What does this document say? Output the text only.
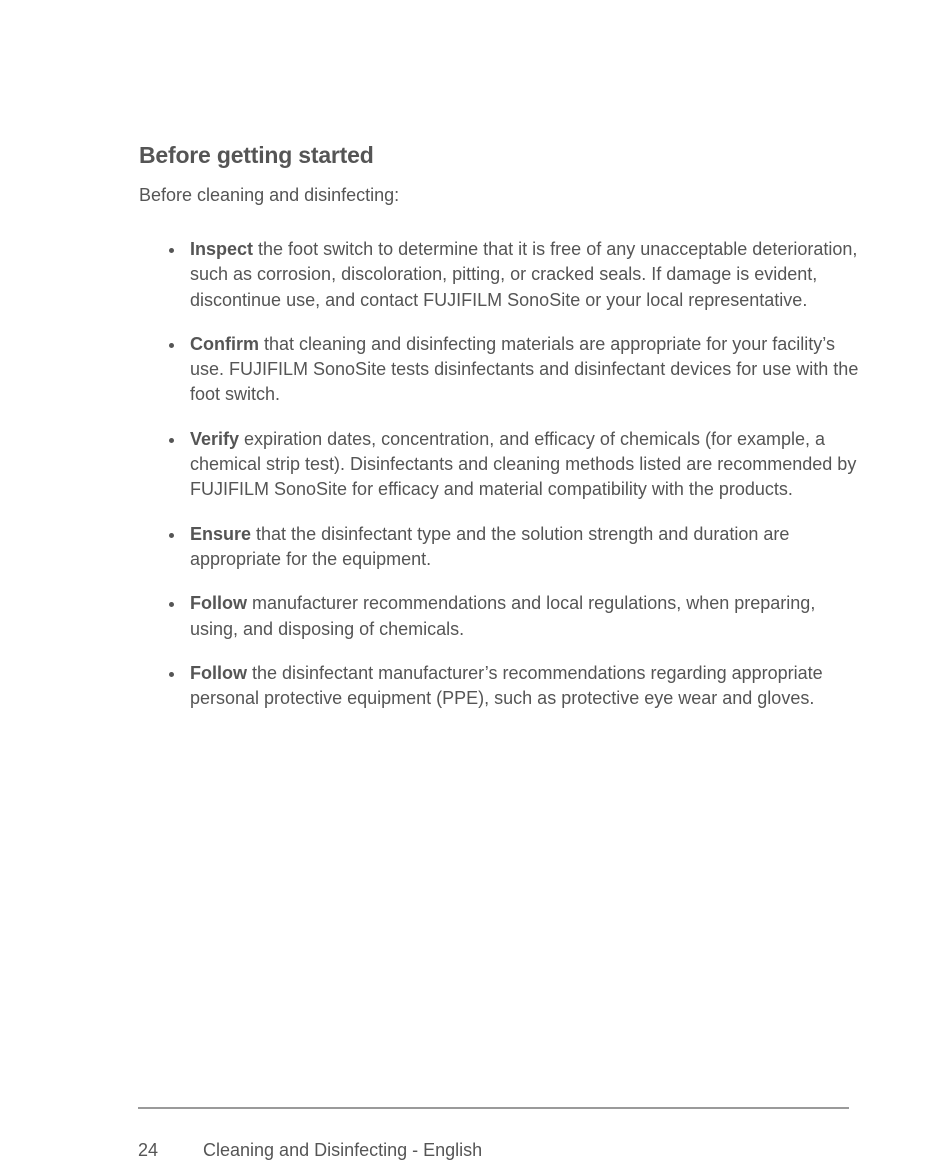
Before getting started

Before cleaning and disinfecting:

Inspect the foot switch to determine that it is free of any unacceptable deterioration, such as corrosion, discoloration, pitting, or cracked seals. If damage is evident, discontinue use, and contact FUJIFILM SonoSite or your local representative.
Confirm that cleaning and disinfecting materials are appropriate for your facility’s use. FUJIFILM SonoSite tests disinfectants and disinfectant devices for use with the foot switch.
Verify expiration dates, concentration, and efficacy of chemicals (for example, a chemical strip test). Disinfectants and cleaning methods listed are recommended by FUJIFILM SonoSite for efficacy and material compatibility with the products.
Ensure that the disinfectant type and the solution strength and duration are appropriate for the equipment.
Follow manufacturer recommendations and local regulations, when preparing, using, and disposing of chemicals.
Follow the disinfectant manufacturer’s recommendations regarding appropriate personal protective equipment (PPE), such as protective eye wear and gloves.
24 Cleaning and Disinfecting - English
